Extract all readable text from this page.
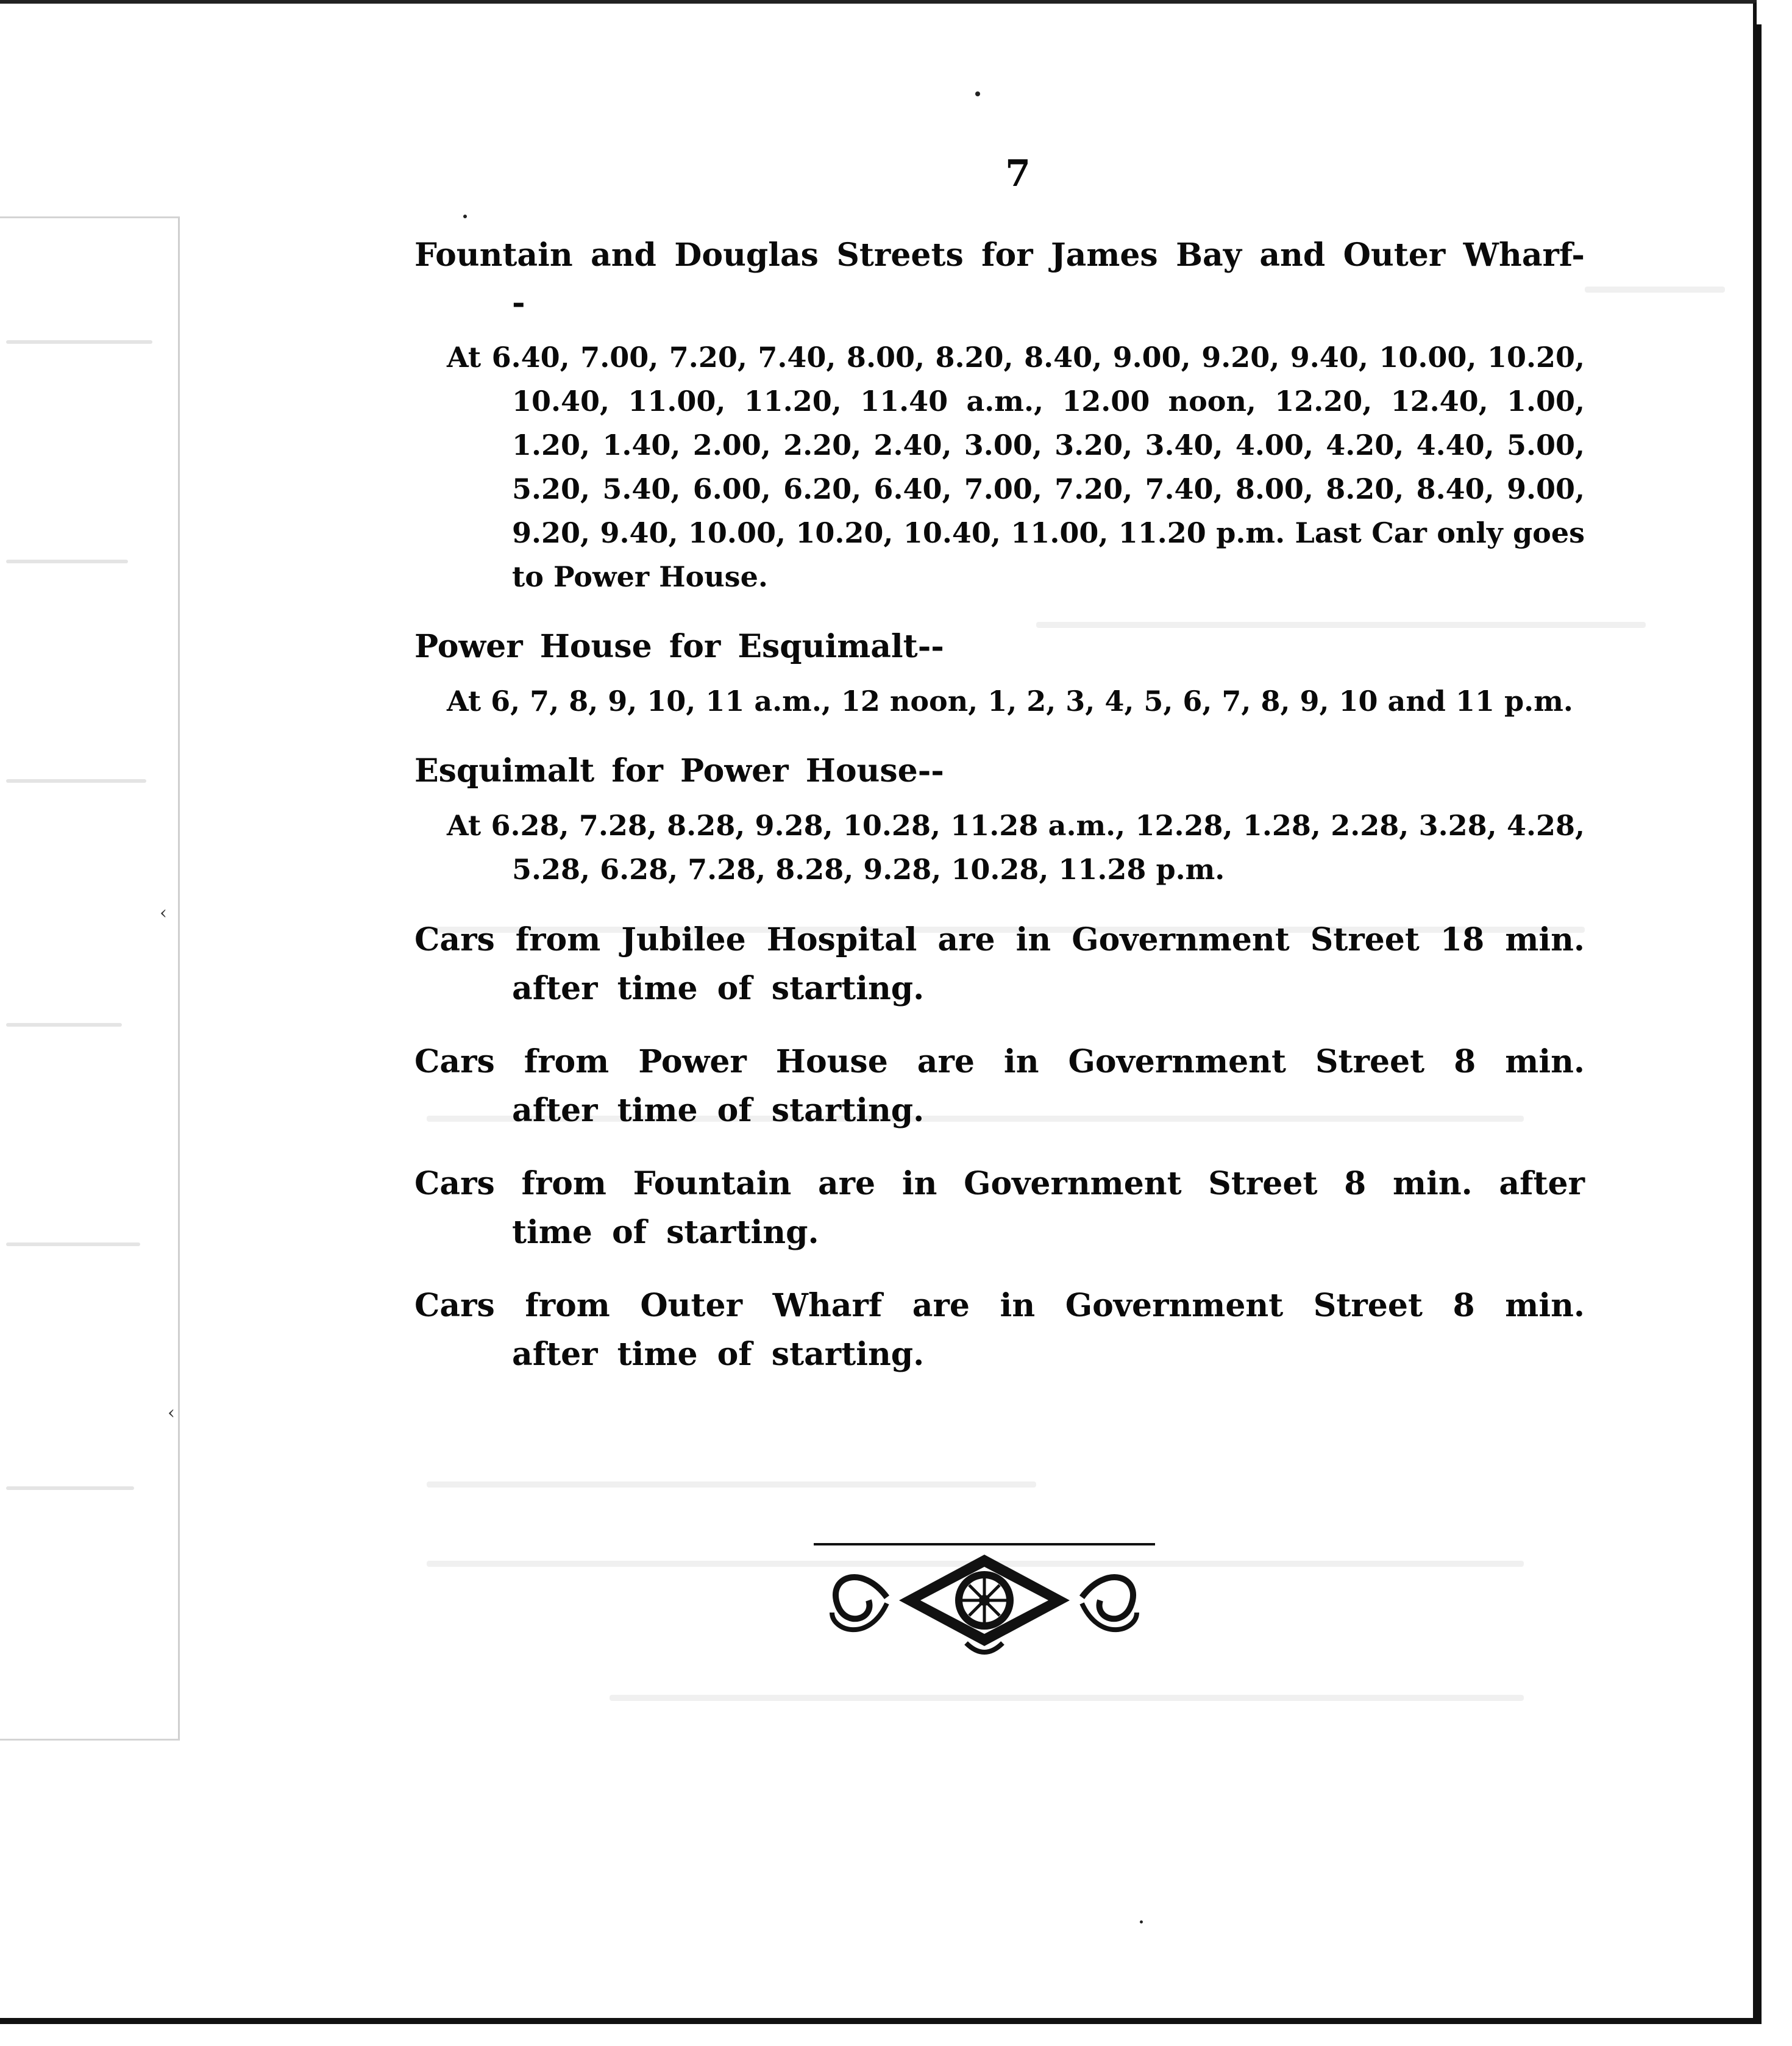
‹
‹
7
Fountain and Douglas Streets for James Bay and Outer Wharf--
At 6.40, 7.00, 7.20, 7.40, 8.00, 8.20, 8.40, 9.00, 9.20, 9.40, 10.00, 10.20, 10.40, 11.00, 11.20, 11.40 a.m., 12.00 noon, 12.20, 12.40, 1.00, 1.20, 1.40, 2.00, 2.20, 2.40, 3.00, 3.20, 3.40, 4.00, 4.20, 4.40, 5.00, 5.20, 5.40, 6.00, 6.20, 6.40, 7.00, 7.20, 7.40, 8.00, 8.20, 8.40, 9.00, 9.20, 9.40, 10.00, 10.20, 10.40, 11.00, 11.20 p.m. Last Car only goes to Power House.
Power House for Esquimalt--
At 6, 7, 8, 9, 10, 11 a.m., 12 noon, 1, 2, 3, 4, 5, 6, 7, 8, 9, 10 and 11 p.m.
Esquimalt for Power House--
At 6.28, 7.28, 8.28, 9.28, 10.28, 11.28 a.m., 12.28, 1.28, 2.28, 3.28, 4.28, 5.28, 6.28, 7.28, 8.28, 9.28, 10.28, 11.28 p.m.
Cars from Jubilee Hospital are in Government Street 18 min. after time of starting.
Cars from Power House are in Government Street 8 min. after time of starting.
Cars from Fountain are in Government Street 8 min. after time of starting.
Cars from Outer Wharf are in Government Street 8 min. after time of starting.
